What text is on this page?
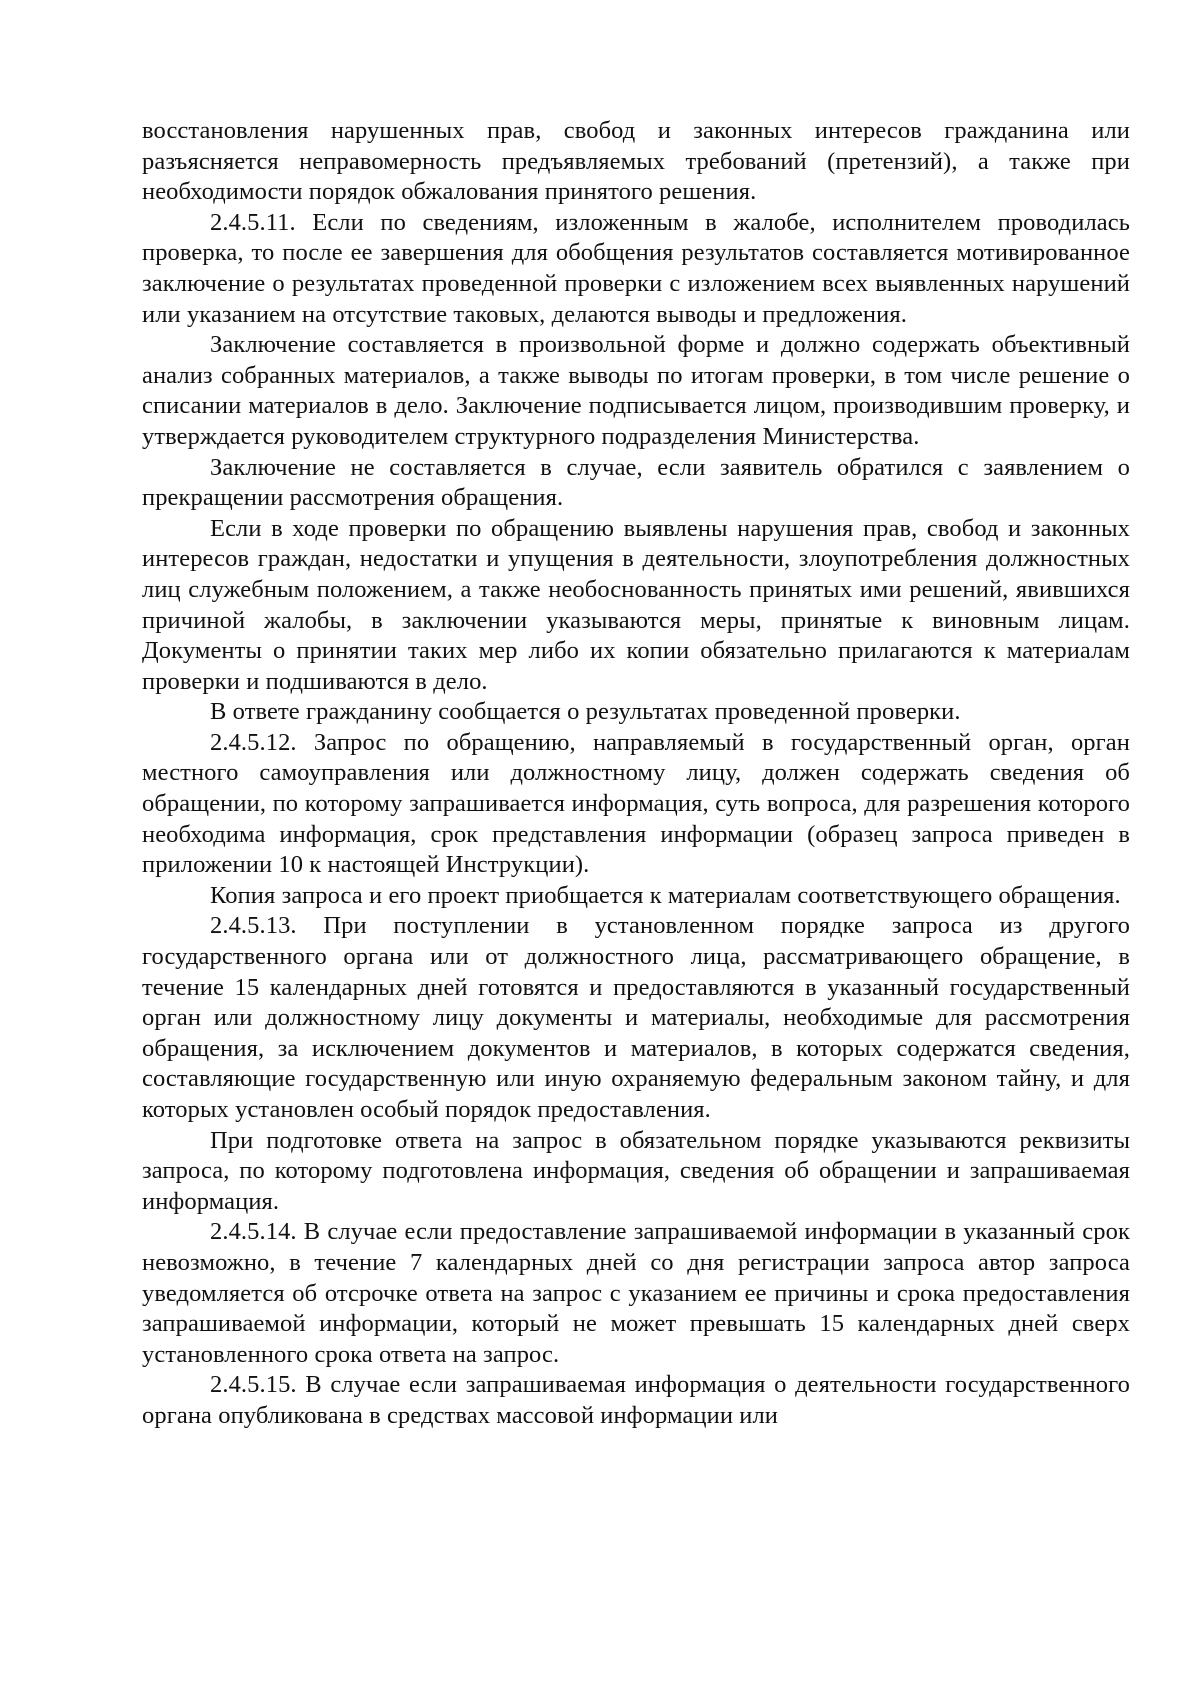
восстановления нарушенных прав, свобод и законных интересов гражданина или разъясняется неправомерность предъявляемых требований (претензий), а также при необходимости порядок обжалования принятого решения.

2.4.5.11. Если по сведениям, изложенным в жалобе, исполнителем проводилась проверка, то после ее завершения для обобщения результатов составляется мотивированное заключение о результатах проведенной проверки с изложением всех выявленных нарушений или указанием на отсутствие таковых, делаются выводы и предложения.

Заключение составляется в произвольной форме и должно содержать объективный анализ собранных материалов, а также выводы по итогам проверки, в том числе решение о списании материалов в дело. Заключение подписывается лицом, производившим проверку, и утверждается руководителем структурного подразделения Министерства.

Заключение не составляется в случае, если заявитель обратился с заявлением о прекращении рассмотрения обращения.

Если в ходе проверки по обращению выявлены нарушения прав, свобод и законных интересов граждан, недостатки и упущения в деятельности, злоупотребления должностных лиц служебным положением, а также необоснованность принятых ими решений, явившихся причиной жалобы, в заключении указываются меры, принятые к виновным лицам. Документы о принятии таких мер либо их копии обязательно прилагаются к материалам проверки и подшиваются в дело.

В ответе гражданину сообщается о результатах проведенной проверки.

2.4.5.12. Запрос по обращению, направляемый в государственный орган, орган местного самоуправления или должностному лицу, должен содержать сведения об обращении, по которому запрашивается информация, суть вопроса, для разрешения которого необходима информация, срок представления информации (образец запроса приведен в приложении 10 к настоящей Инструкции).

Копия запроса и его проект приобщается к материалам соответствующего обращения.

2.4.5.13. При поступлении в установленном порядке запроса из другого государственного органа или от должностного лица, рассматривающего обращение, в течение 15 календарных дней готовятся и предоставляются в указанный государственный орган или должностному лицу документы и материалы, необходимые для рассмотрения обращения, за исключением документов и материалов, в которых содержатся сведения, составляющие государственную или иную охраняемую федеральным законом тайну, и для которых установлен особый порядок предоставления.

При подготовке ответа на запрос в обязательном порядке указываются реквизиты запроса, по которому подготовлена информация, сведения об обращении и запрашиваемая информация.

2.4.5.14. В случае если предоставление запрашиваемой информации в указанный срок невозможно, в течение 7 календарных дней со дня регистрации запроса автор запроса уведомляется об отсрочке ответа на запрос с указанием ее причины и срока предоставления запрашиваемой информации, который не может превышать 15 календарных дней сверх установленного срока ответа на запрос.

2.4.5.15. В случае если запрашиваемая информация о деятельности государственного органа опубликована в средствах массовой информации или
